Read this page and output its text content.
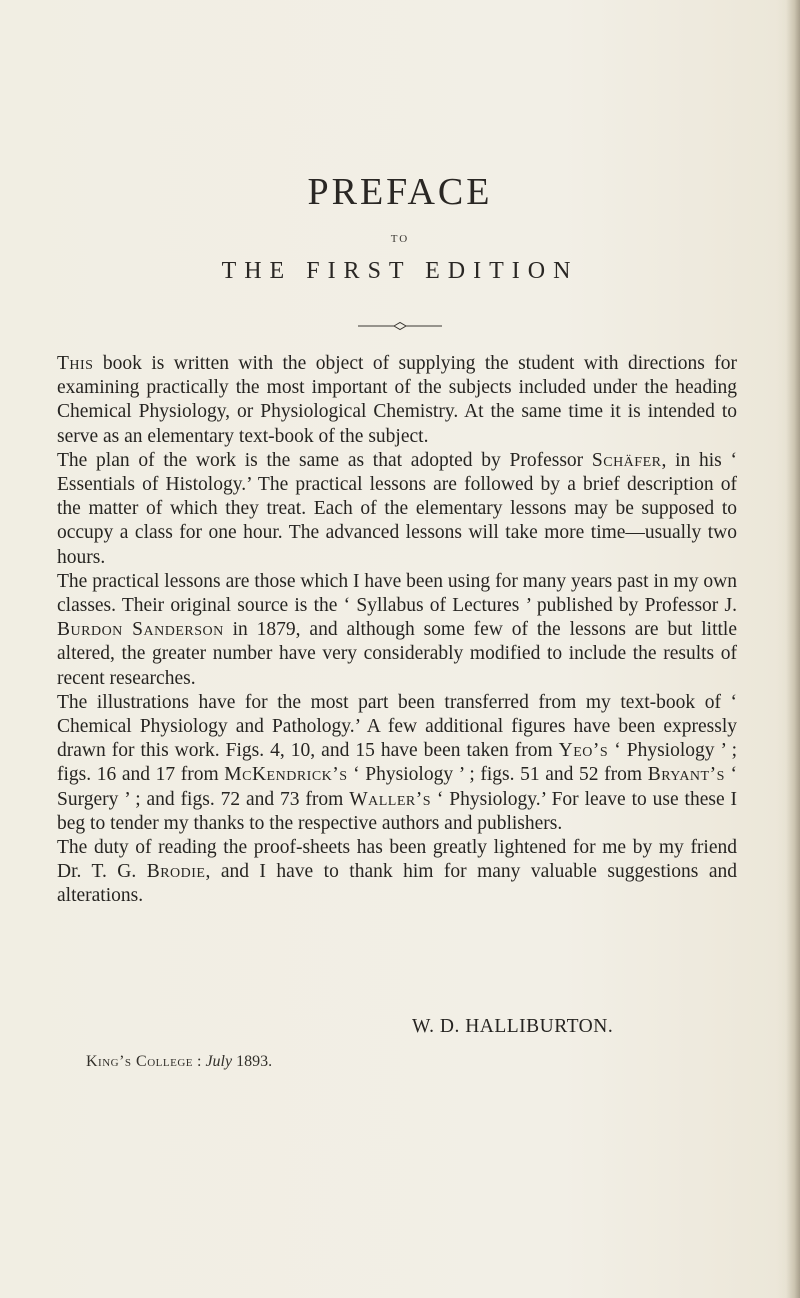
PREFACE
TO
THE FIRST EDITION

This book is written with the object of supplying the student with directions for examining practically the most important of the subjects included under the heading Chemical Physiology, or Physiological Chemistry. At the same time it is intended to serve as an elementary text-book of the subject.

The plan of the work is the same as that adopted by Professor Schäfer, in his ‘ Essentials of Histology.’ The practical lessons are followed by a brief description of the matter of which they treat. Each of the elementary lessons may be supposed to occupy a class for one hour. The advanced lessons will take more time—usually two hours.

The practical lessons are those which I have been using for many years past in my own classes. Their original source is the ‘ Syllabus of Lectures ’ published by Professor J. Burdon Sanderson in 1879, and although some few of the lessons are but little altered, the greater number have very considerably modified to include the results of recent researches.

The illustrations have for the most part been transferred from my text-book of ‘ Chemical Physiology and Pathology.’ A few additional figures have been expressly drawn for this work. Figs. 4, 10, and 15 have been taken from Yeo’s ‘ Physiology ’ ; figs. 16 and 17 from McKendrick’s ‘ Physiology ’ ; figs. 51 and 52 from Bryant’s ‘ Surgery ’ ; and figs. 72 and 73 from Waller’s ‘ Physiology.’ For leave to use these I beg to tender my thanks to the respective authors and publishers.

The duty of reading the proof-sheets has been greatly lightened for me by my friend Dr. T. G. Brodie, and I have to thank him for many valuable suggestions and alterations.

W. D. HALLIBURTON.
King’s College : July 1893.
